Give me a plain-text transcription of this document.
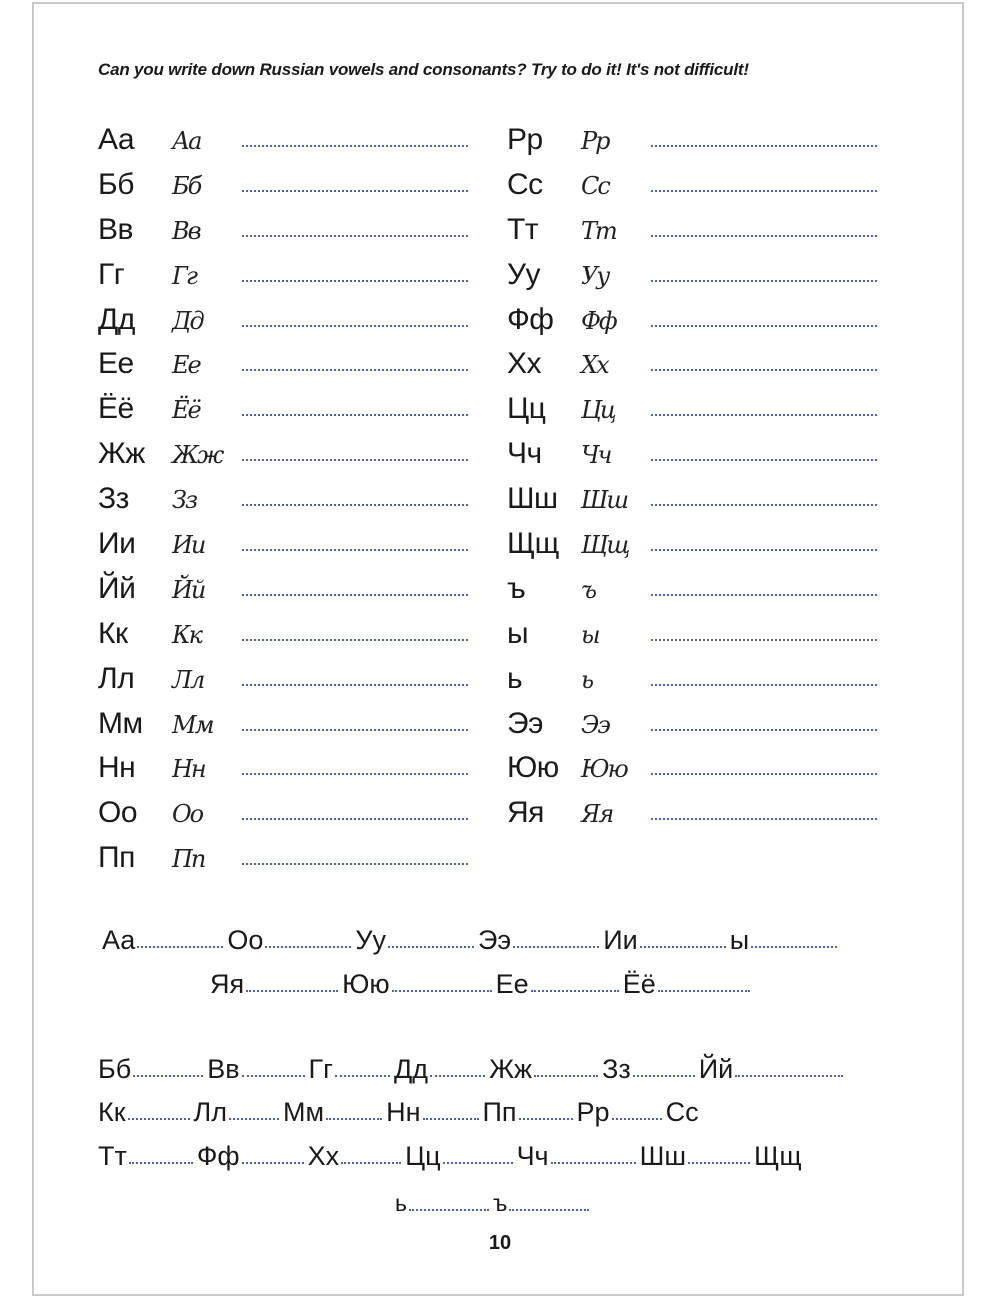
Can you write down Russian vowels and consonants? Try to do it! It's not difficult!
Аа Аа
Бб Бб
Вв Вв
Гг Гг
Дд Дд
Ее Ее
Ёё Ёё
Жж Жж
Зз Зз
Ии Ии
Йй Йй
Кк Кк
Лл Лл
Мм Мм
Нн Нн
Оо Оо
Пп Пп
Рр Рр
Сс Сс
Тт Тт
Уу Уу
Фф Фф
Хх Хх
Цц Цц
Чч Чч
Шш Шш
Щщ Щщ
ъ ъ
ы ы
ь ь
Ээ Ээ
Юю Юю
Яя Яя
Аа	Оо	Уу	Ээ	Ии	ы
Яя	Юю	Ее	Ёё
Бб	Вв	Гг Дд Жж	Зз	Йй
Кк	Лл Мм Нн Пп Рр Сс
Тт	Фф	Хх Цц	Чч	Шш	Щщ
ь	ъ
10
